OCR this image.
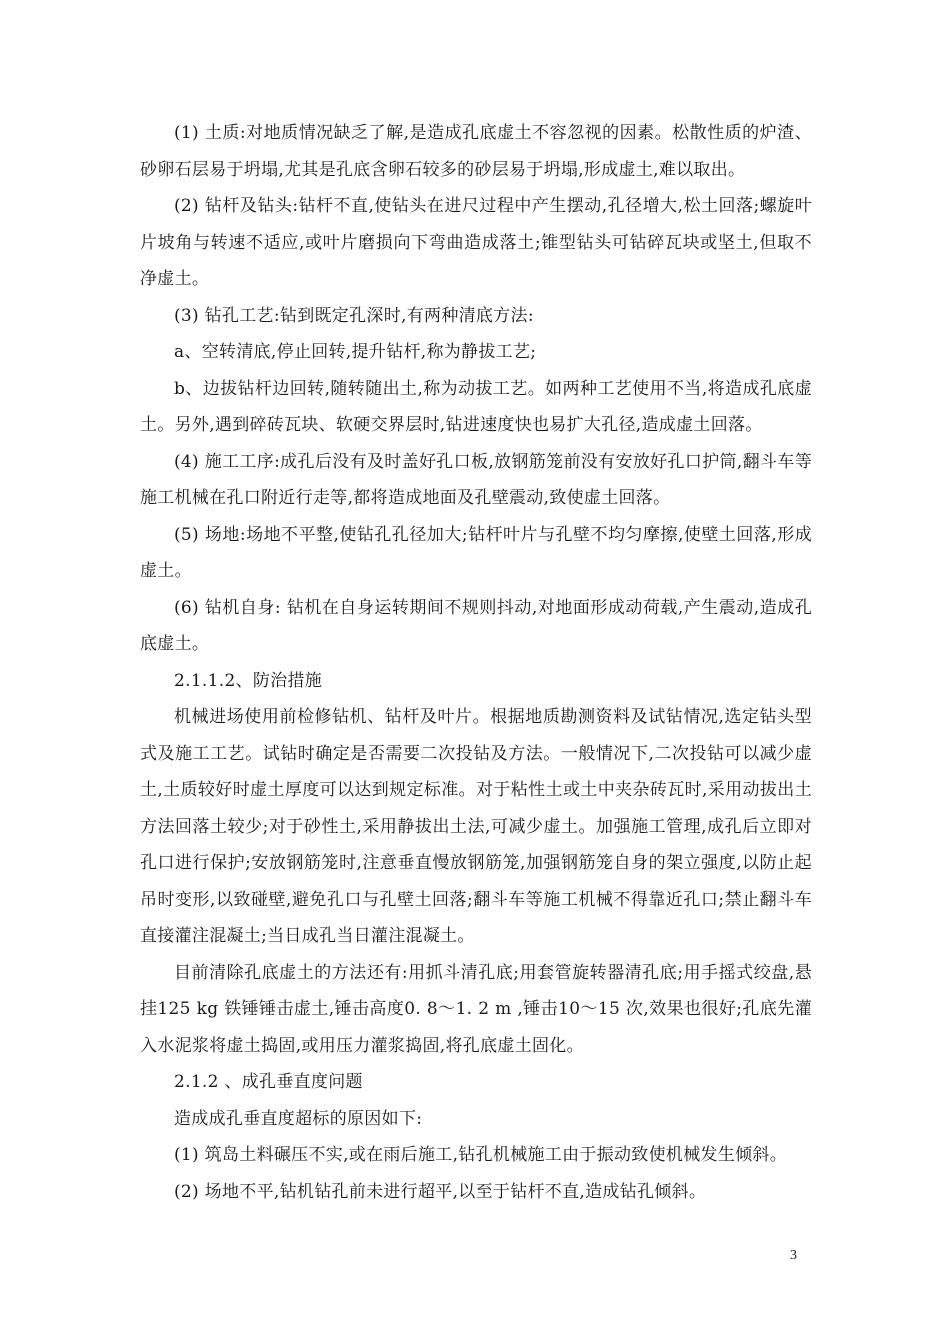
(1) 土质:对地质情况缺乏了解,是造成孔底虚土不容忽视的因素。松散性质的炉渣、砂卵石层易于坍塌,尤其是孔底含卵石较多的砂层易于坍塌,形成虚土,难以取出。

(2) 钻杆及钻头:钻杆不直,使钻头在进尺过程中产生摆动,孔径增大,松土回落;螺旋叶片坡角与转速不适应,或叶片磨损向下弯曲造成落土;锥型钻头可钻碎瓦块或坚土,但取不净虚土。

(3) 钻孔工艺:钻到既定孔深时,有两种清底方法:

a、空转清底,停止回转,提升钻杆,称为静拔工艺;

b、边拔钻杆边回转,随转随出土,称为动拔工艺。如两种工艺使用不当,将造成孔底虚土。另外,遇到碎砖瓦块、软硬交界层时,钻进速度快也易扩大孔径,造成虚土回落。

(4) 施工工序:成孔后没有及时盖好孔口板,放钢筋笼前没有安放好孔口护筒,翻斗车等施工机械在孔口附近行走等,都将造成地面及孔壁震动,致使虚土回落。

(5) 场地:场地不平整,使钻孔孔径加大;钻杆叶片与孔壁不均匀摩擦,使壁土回落,形成虚土。

(6) 钻机自身: 钻机在自身运转期间不规则抖动,对地面形成动荷载,产生震动,造成孔底虚土。

2.1.1.2、防治措施

机械进场使用前检修钻机、钻杆及叶片。根据地质勘测资料及试钻情况,选定钻头型式及施工工艺。试钻时确定是否需要二次投钻及方法。一般情况下,二次投钻可以减少虚土,土质较好时虚土厚度可以达到规定标准。对于粘性土或土中夹杂砖瓦时,采用动拔出土方法回落土较少;对于砂性土,采用静拔出土法,可减少虚土。加强施工管理,成孔后立即对孔口进行保护;安放钢筋笼时,注意垂直慢放钢筋笼,加强钢筋笼自身的架立强度,以防止起吊时变形,以致碰壁,避免孔口与孔壁土回落;翻斗车等施工机械不得靠近孔口;禁止翻斗车直接灌注混凝土;当日成孔当日灌注混凝土。

目前清除孔底虚土的方法还有:用抓斗清孔底;用套管旋转器清孔底;用手摇式绞盘,悬挂125 kg 铁锤锤击虚土,锤击高度0. 8～1. 2 m ,锤击10～15 次,效果也很好;孔底先灌入水泥浆将虚土捣固,或用压力灌浆捣固,将孔底虚土固化。

2.1.2 、成孔垂直度问题

造成成孔垂直度超标的原因如下:

(1) 筑岛土料碾压不实,或在雨后施工,钻孔机械施工由于振动致使机械发生倾斜。

(2) 场地不平,钻机钻孔前未进行超平,以至于钻杆不直,造成钻孔倾斜。

3
